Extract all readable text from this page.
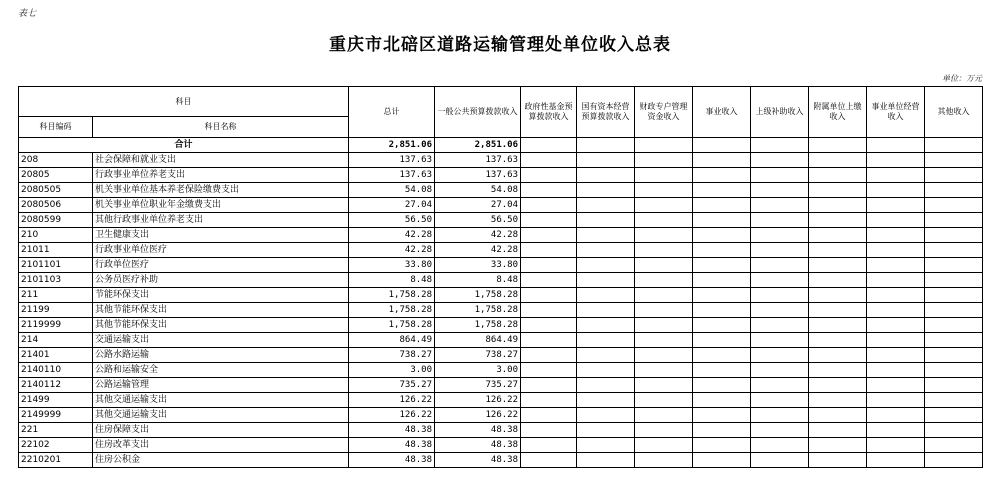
表七
重庆市北碚区道路运输管理处单位收入总表
单位：万元
科目		总计	一般公共预算拨款收入	政府性基金预算拨款收入	国有资本经营预算拨款收入	财政专户管理资金收入	事业收入	上级补助收入	附属单位上缴收入	事业单位经营收入	其他收入
科目编码	科目名称										
合计		2,851.06	2,851.06								
208	社会保障和就业支出	137.63	137.63								
20805	行政事业单位养老支出	137.63	137.63								
2080505	机关事业单位基本养老保险缴费支出	54.08	54.08								
2080506	机关事业单位职业年金缴费支出	27.04	27.04								
2080599	其他行政事业单位养老支出	56.50	56.50								
210	卫生健康支出	42.28	42.28								
21011	行政事业单位医疗	42.28	42.28								
2101101	行政单位医疗	33.80	33.80								
2101103	公务员医疗补助	8.48	8.48								
211	节能环保支出	1,758.28	1,758.28								
21199	其他节能环保支出	1,758.28	1,758.28								
2119999	其他节能环保支出	1,758.28	1,758.28								
214	交通运输支出	864.49	864.49								
21401	公路水路运输	738.27	738.27								
2140110	公路和运输安全	3.00	3.00								
2140112	公路运输管理	735.27	735.27								
21499	其他交通运输支出	126.22	126.22								
2149999	其他交通运输支出	126.22	126.22								
221	住房保障支出	48.38	48.38								
22102	住房改革支出	48.38	48.38								
2210201	住房公积金	48.38	48.38								
